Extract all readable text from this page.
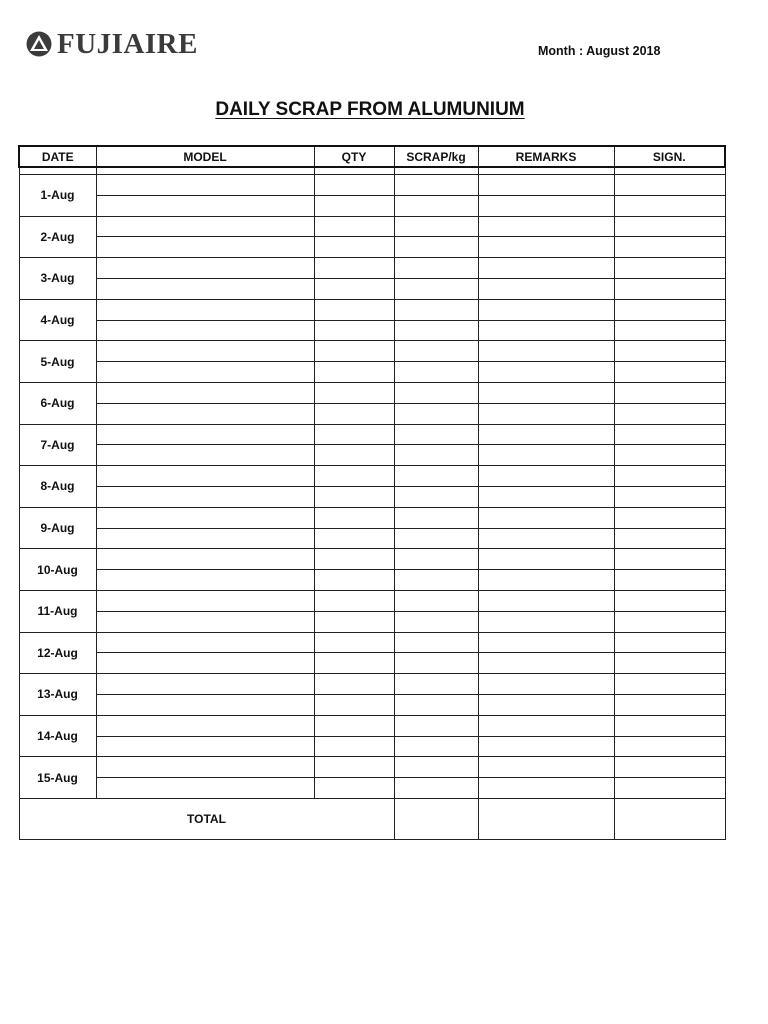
FUJIAIRE	Month : August 2018
DAILY SCRAP FROM ALUMUNIUM
DATE	MODEL	QTY	SCRAP/kg	REMARKS	SIGN.

1-Aug					

2-Aug					

3-Aug					

4-Aug					

5-Aug					

6-Aug					

7-Aug					

8-Aug					

9-Aug					

10-Aug					

11-Aug					

12-Aug					

13-Aug					

14-Aug					

15-Aug					

TOTAL					
